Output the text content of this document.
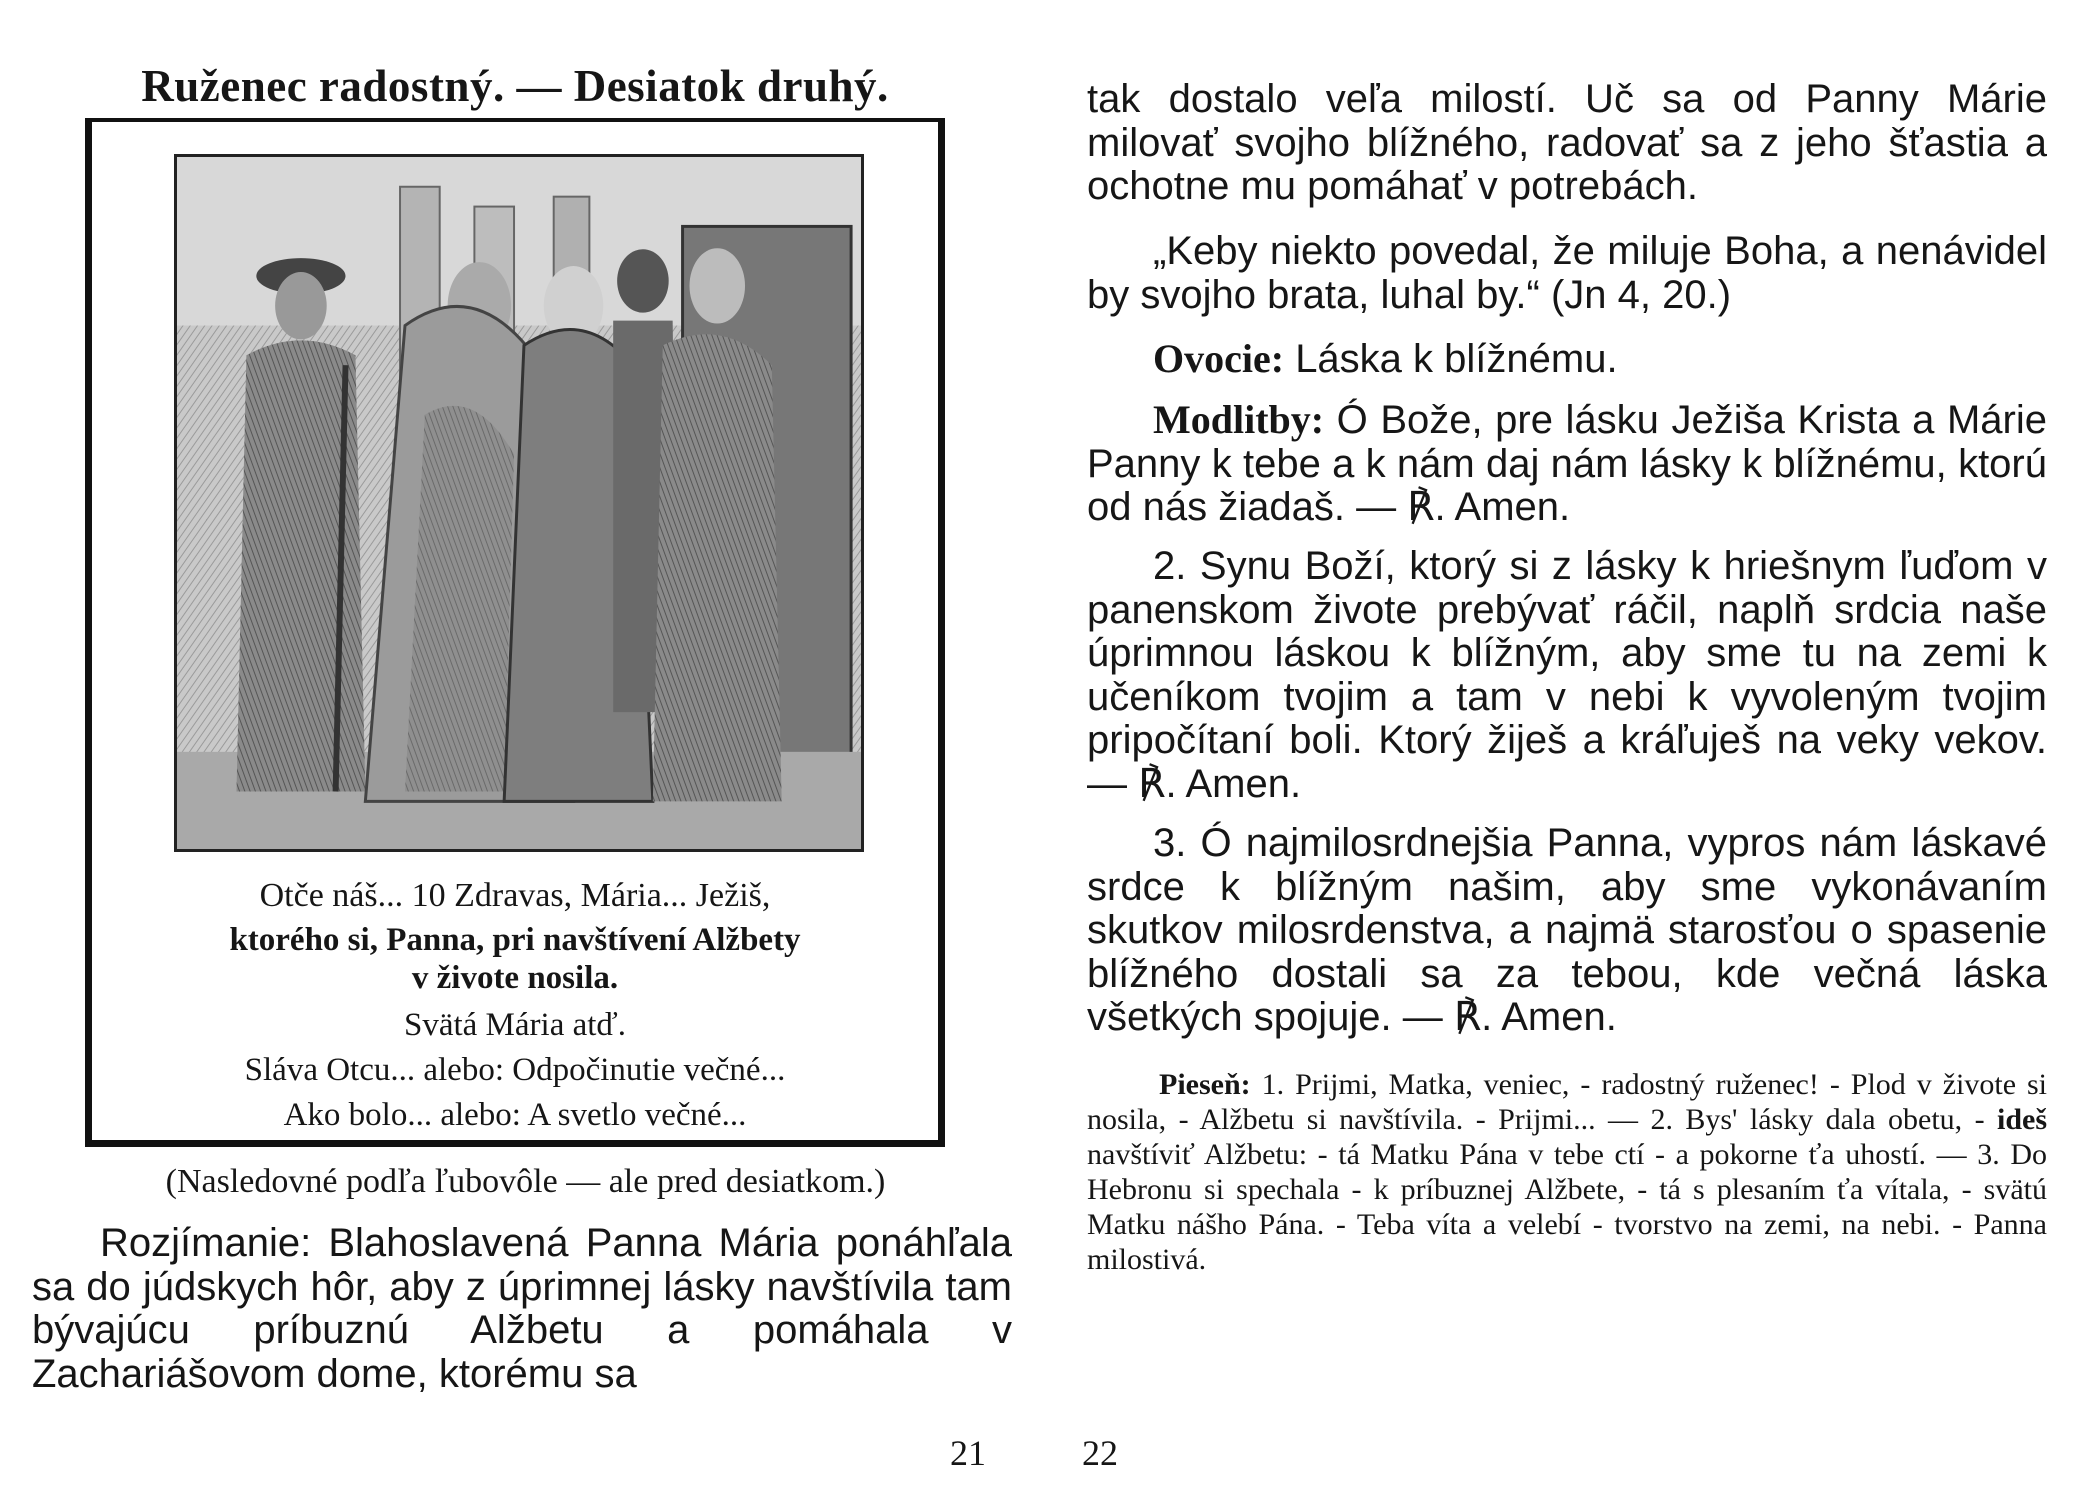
Ruženec radostný. — Desiatok druhý.
Otče náš... 10 Zdravas, Mária... Ježiš,
ktorého si, Panna, pri navštívení Alžbety
v živote nosila.
Svätá Mária atď.
Sláva Otcu... alebo: Odpočinutie večné...
Ako bolo... alebo: A svetlo večné...
(Nasledovné podľa ľubovôle — ale pred desiatkom.)

Rozjímanie: Blahoslavená Panna Mária ponáhľala sa do júdskych hôr, aby z úprimnej lásky navštívila tam bývajúcu príbuznú Alžbetu a pomáhala v Zachariášovom dome, ktorému sa

21

tak dostalo veľa milostí. Uč sa od Panny Márie milovať svojho blížného, radovať sa z jeho šťastia a ochotne mu pomáhať v potrebách.

„Keby niekto povedal, že miluje Boha, a nenávidel by svojho brata, luhal by.“ (Jn 4, 20.)

Ovocie: Láska k blížnému.

Modlitby: Ó Bože, pre lásku Ježiša Krista a Márie Panny k tebe a k nám daj nám lásky k blížnému, ktorú od nás žiadaš. — ℟. Amen.

2. Synu Boží, ktorý si z lásky k hriešnym ľuďom v panenskom živote prebývať ráčil, naplň srdcia naše úprimnou láskou k blížným, aby sme tu na zemi k učeníkom tvojim a tam v nebi k vyvoleným tvojim pripočítaní boli. Ktorý žiješ a kráľuješ na veky vekov. — ℟. Amen.

3. Ó najmilosrdnejšia Panna, vypros nám láskavé srdce k blížným našim, aby sme vykonávaním skutkov milosrdenstva, a najmä starosťou o spasenie blížného dostali sa za tebou, kde večná láska všetkých spojuje. — ℟. Amen.

Pieseň: 1. Prijmi, Matka, veniec, - radostný ruženec! - Plod v živote si nosila, - Alžbetu si navštívila. - Prijmi... — 2. Bys' lásky dala obetu, - ideš navštíviť Alžbetu: - tá Matku Pána v tebe ctí - a pokorne ťa uhostí. — 3. Do Hebronu si spechala - k príbuznej Alžbete, - tá s plesaním ťa vítala, - svätú Matku nášho Pána. - Teba víta a velebí - tvorstvo na zemi, na nebi. - Panna milostivá.

22
